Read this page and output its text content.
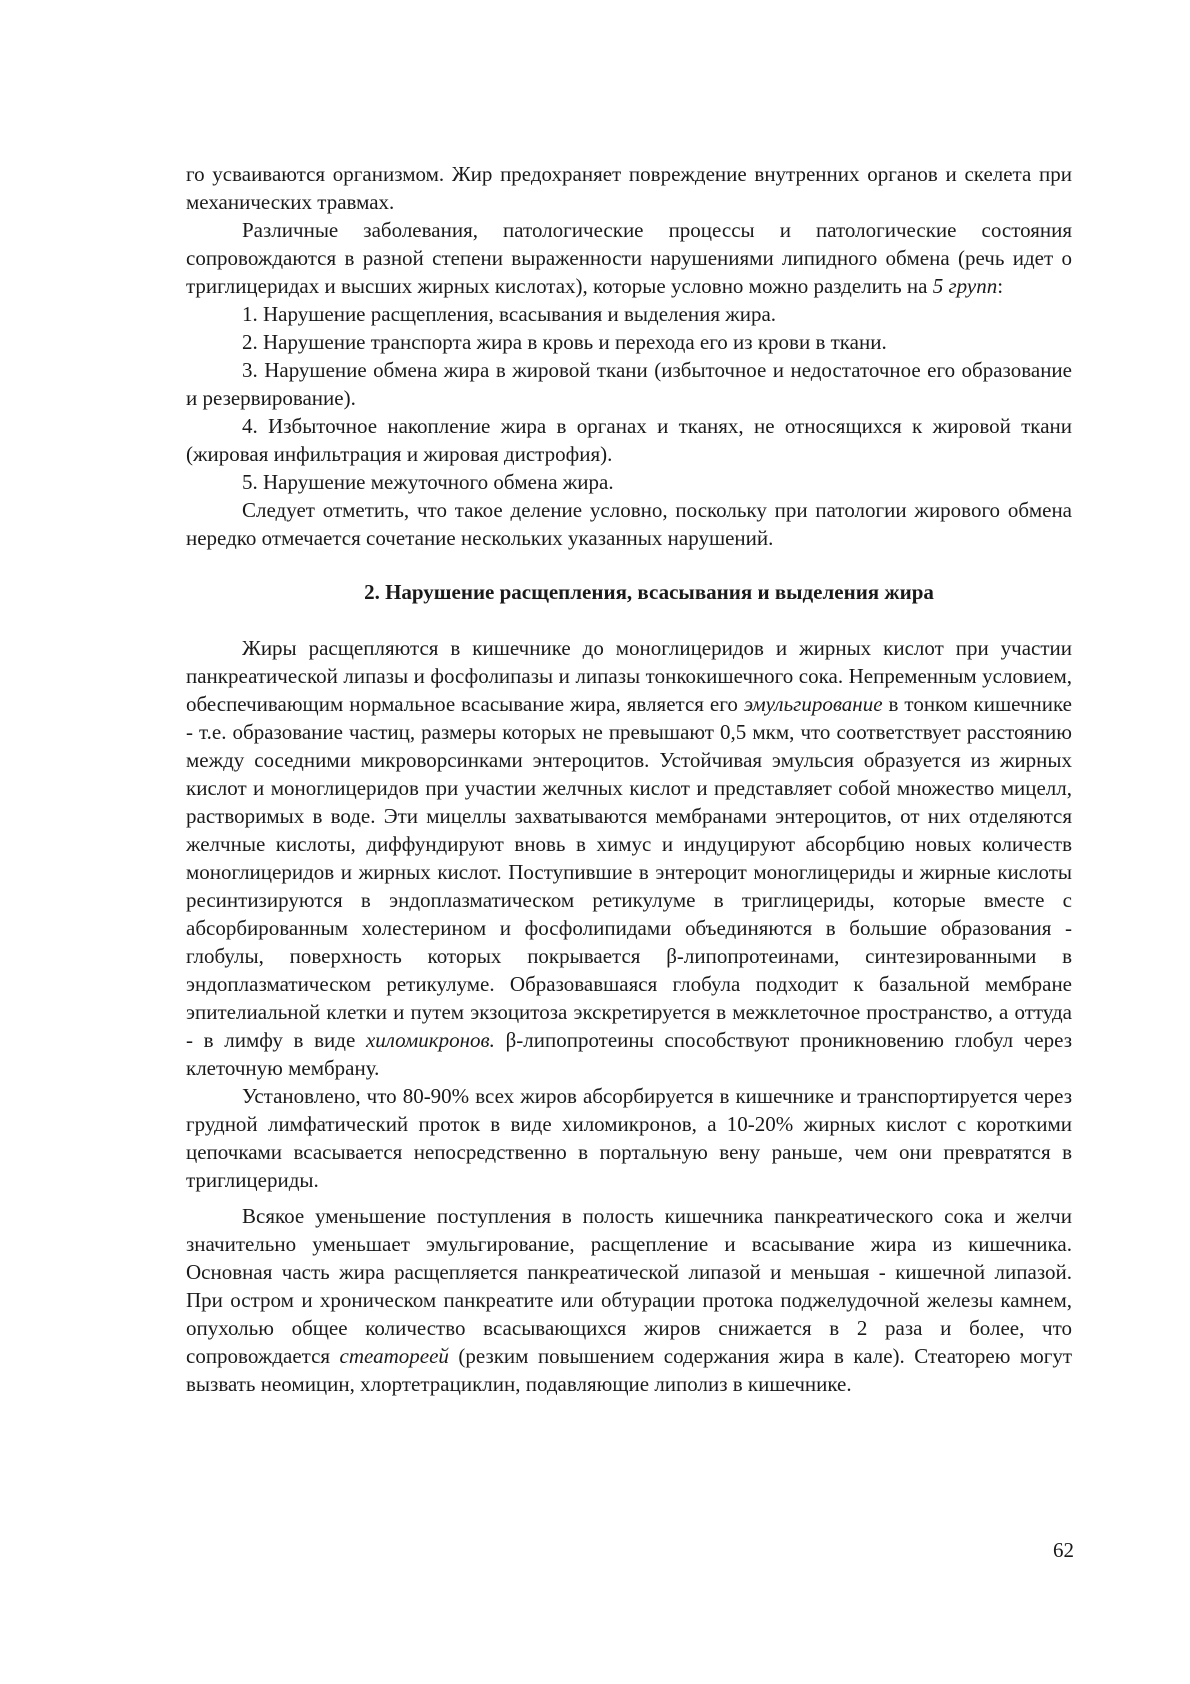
го усваиваются организмом. Жир предохраняет повреждение внутренних органов и скелета при механических травмах.

Различные заболевания, патологические процессы и патологические состояния сопровождаются в разной степени выраженности нарушениями липидного обмена (речь идет о триглицеридах и высших жирных кислотах), которые условно можно разделить на 5 групп:

1. Нарушение расщепления, всасывания и выделения жира.

2. Нарушение транспорта жира в кровь и перехода его из крови в ткани.

3. Нарушение обмена жира в жировой ткани (избыточное и недостаточное его образование и резервирование).

4. Избыточное накопление жира в органах и тканях, не относящихся к жировой ткани (жировая инфильтрация и жировая дистрофия).

5. Нарушение межуточного обмена жира.

Следует отметить, что такое деление условно, поскольку при патологии жирового обмена нередко отмечается сочетание нескольких указанных нарушений.

2. Нарушение расщепления, всасывания и выделения жира

Жиры расщепляются в кишечнике до моноглицеридов и жирных кислот при участии панкреатической липазы и фосфолипазы и липазы тонкокишечного сока. Непременным условием, обеспечивающим нормальное всасывание жира, является его эмульгирование в тонком кишечнике - т.е. образование частиц, размеры которых не превышают 0,5 мкм, что соответствует расстоянию между соседними микроворсинками энтероцитов. Устойчивая эмульсия образуется из жирных кислот и моноглицеридов при участии желчных кислот и представляет собой множество мицелл, растворимых в воде. Эти мицеллы захватываются мембранами энтероцитов, от них отделяются желчные кислоты, диффундируют вновь в химус и индуцируют абсорбцию новых количеств моноглицеридов и жирных кислот. Поступившие в энтероцит моноглицериды и жирные кислоты ресинтизируются в эндоплазматическом ретикулуме в триглицериды, которые вместе с абсорбированным холестерином и фосфолипидами объединяются в большие образования - глобулы, поверхность которых покрывается β-липопротеинами, синтезированными в эндоплазматическом ретикулуме. Образовавшаяся глобула подходит к базальной мембране эпителиальной клетки и путем экзоцитоза экскретируется в межклеточное пространство, а оттуда - в лимфу в виде хиломикронов. β-липопротеины способствуют проникновению глобул через клеточную мембрану.

Установлено, что 80-90% всех жиров абсорбируется в кишечнике и транспортируется через грудной лимфатический проток в виде хиломикронов, а 10-20% жирных кислот с короткими цепочками всасывается непосредственно в портальную вену раньше, чем они превратятся в триглицериды.

Всякое уменьшение поступления в полость кишечника панкреатического сока и желчи значительно уменьшает эмульгирование, расщепление и всасывание жира из кишечника. Основная часть жира расщепляется панкреатической липазой и меньшая - кишечной липазой. При остром и хроническом панкреатите или обтурации протока поджелудочной железы камнем, опухолью общее количество всасывающихся жиров снижается в 2 раза и более, что сопровождается стеатореей (резким повышением содержания жира в кале). Стеаторею могут вызвать неомицин, хлортетрациклин, подавляющие липолиз в кишечнике.

62
